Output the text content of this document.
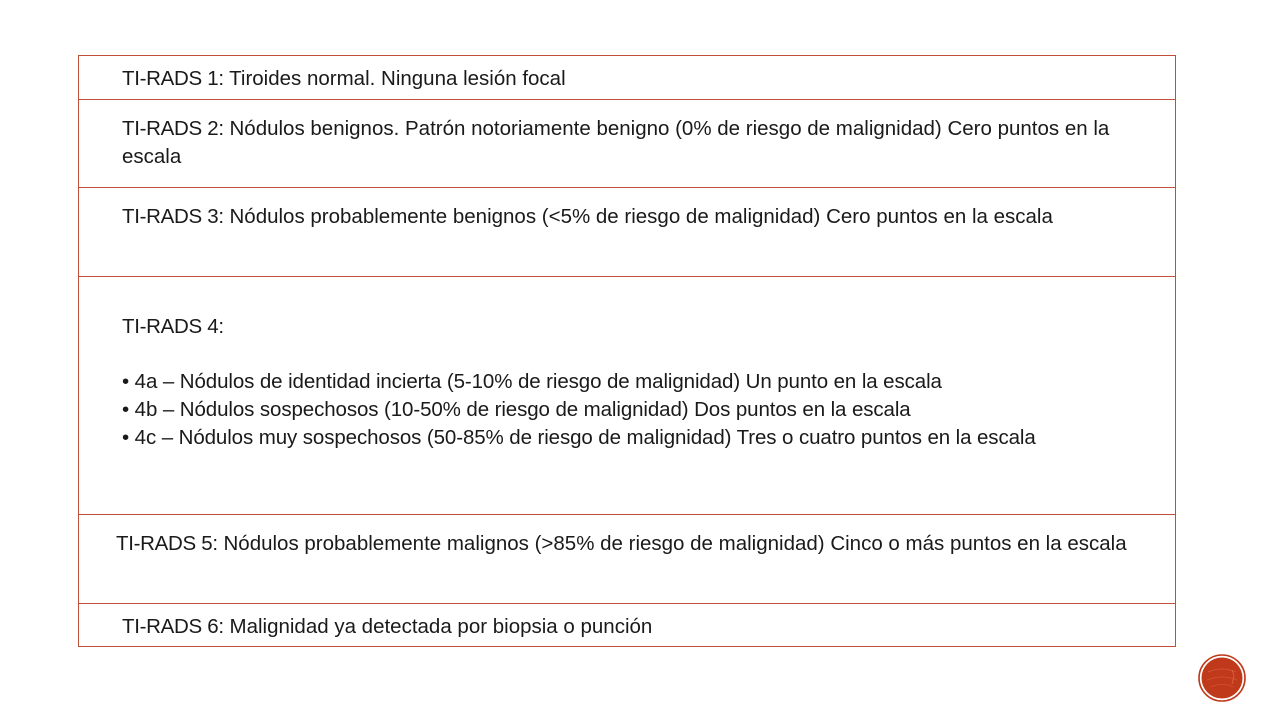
TI-RADS 1: Tiroides normal. Ninguna lesión focal
TI-RADS 2: Nódulos benignos. Patrón notoriamente benigno (0% de riesgo de malignidad) Cero puntos en la escala
TI-RADS 3: Nódulos probablemente benignos (<5% de riesgo de malignidad) Cero puntos en la escala
TI-RADS 4:
• 4a – Nódulos de identidad incierta (5-10% de riesgo de malignidad) Un punto en la escala
• 4b – Nódulos sospechosos (10-50% de riesgo de malignidad) Dos puntos en la escala
• 4c – Nódulos muy sospechosos (50-85% de riesgo de malignidad) Tres o cuatro puntos en la escala
TI-RADS 5: Nódulos probablemente malignos (>85% de riesgo de malignidad) Cinco o más puntos en la escala
TI-RADS 6: Malignidad ya detectada por biopsia o punción
